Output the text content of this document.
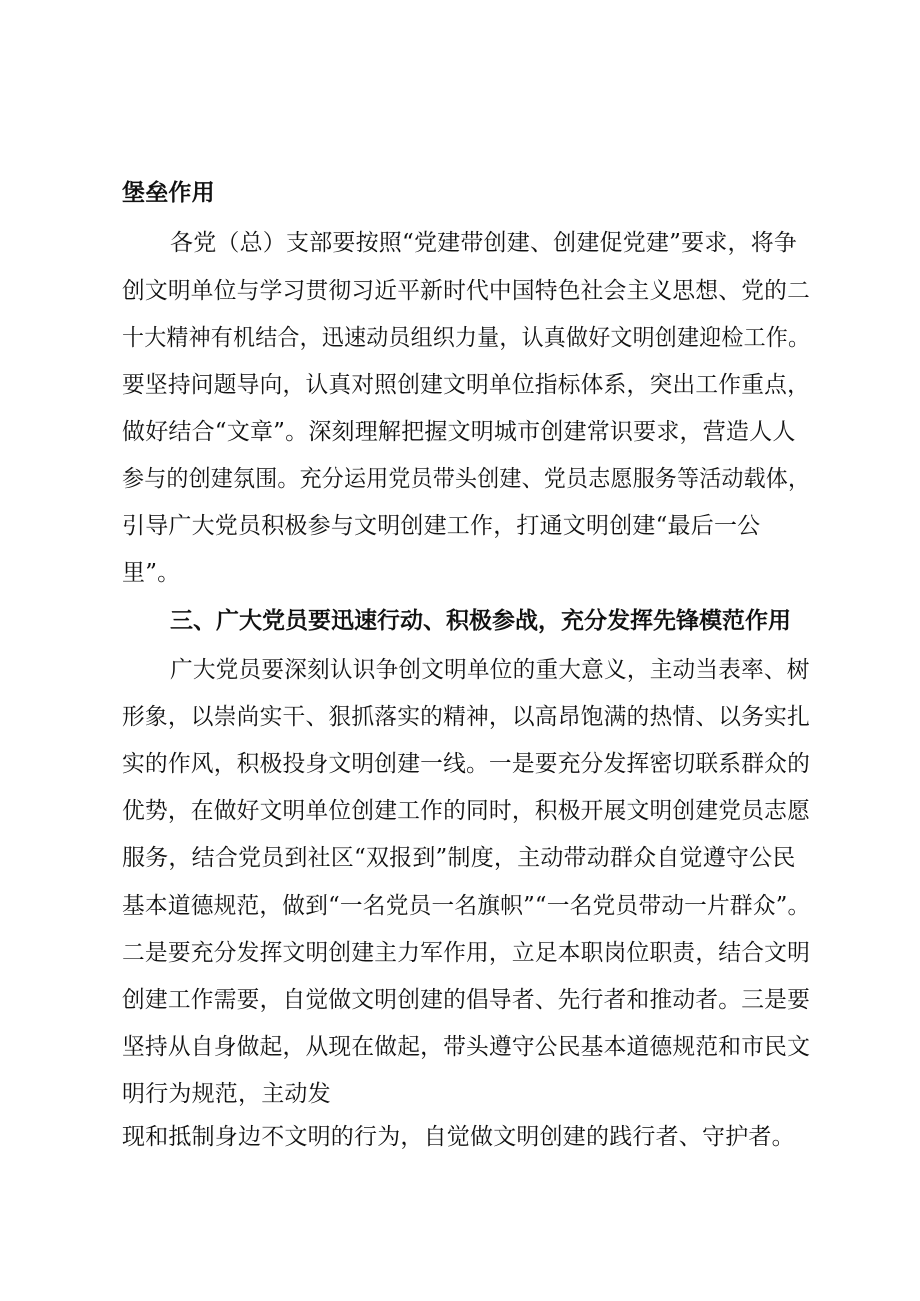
堡垒作用
各党（总）支部要按照“党建带创建、创建促党建”要求，将争
创文明单位与学习贯彻习近平新时代中国特色社会主义思想、党的二
十大精神有机结合，迅速动员组织力量，认真做好文明创建迎检工作。
要坚持问题导向，认真对照创建文明单位指标体系，突出工作重点，
做好结合“文章”。深刻理解把握文明城市创建常识要求，营造人人
参与的创建氛围。充分运用党员带头创建、党员志愿服务等活动载体，
引导广大党员积极参与文明创建工作，打通文明创建“最后一公
里”。
三、广大党员要迅速行动、积极参战，充分发挥先锋模范作用
广大党员要深刻认识争创文明单位的重大意义，主动当表率、树
形象，以崇尚实干、狠抓落实的精神，以高昂饱满的热情、以务实扎
实的作风，积极投身文明创建一线。一是要充分发挥密切联系群众的
优势，在做好文明单位创建工作的同时，积极开展文明创建党员志愿
服务，结合党员到社区“双报到”制度，主动带动群众自觉遵守公民
基本道德规范，做到“一名党员一名旗帜”“一名党员带动一片群众”。
二是要充分发挥文明创建主力军作用，立足本职岗位职责，结合文明
创建工作需要，自觉做文明创建的倡导者、先行者和推动者。三是要
坚持从自身做起，从现在做起，带头遵守公民基本道德规范和市民文
明行为规范，主动发
现和抵制身边不文明的行为，自觉做文明创建的践行者、守护者。
